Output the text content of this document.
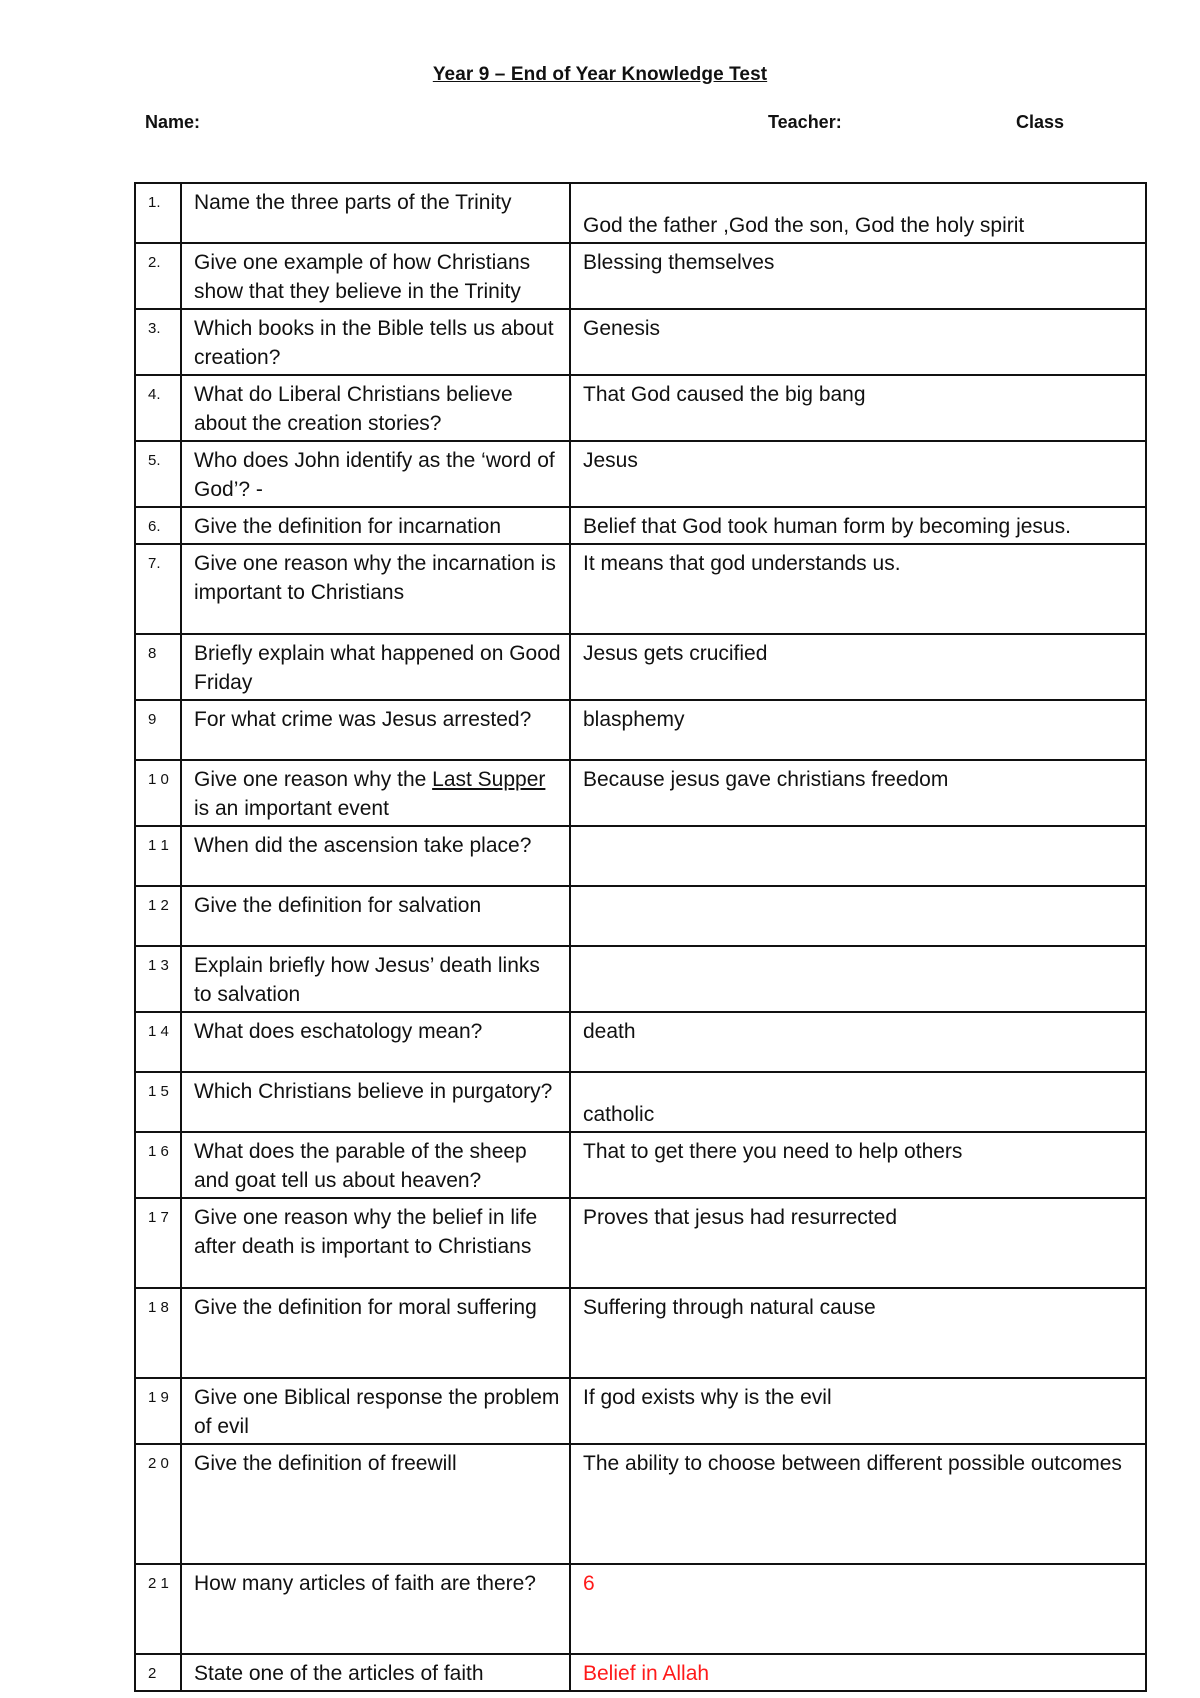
Year 9 – End of Year Knowledge Test
Name:	Teacher:	Class
1.	Name the three parts of the Trinity	God the father ,God the son, God the holy spirit
2.	Give one example of how Christians show that they believe in the Trinity	Blessing themselves
3.	Which books in the Bible tells us about creation?	Genesis
4.	What do Liberal Christians believe about the creation stories?	That God caused the big bang
5.	Who does John identify as the ‘word of God’? -	Jesus
6.	Give the definition for incarnation	Belief that God took human form by becoming jesus.
7.	Give one reason why the incarnation is important to Christians	It means that god understands us.
8	Briefly explain what happened on Good Friday	Jesus gets crucified
9	For what crime was Jesus arrested?	blasphemy
1 0	Give one reason why the Last Supper is an important event	Because jesus gave christians freedom
1 1	When did the ascension take place?	
1 2	Give the definition for salvation	
1 3	Explain briefly how Jesus’ death links to salvation	
1 4	What does eschatology mean?	death
1 5	Which Christians believe in purgatory?	catholic
1 6	What does the parable of the sheep and goat tell us about heaven?	That to get there you need to help others
1 7	Give one reason why the belief in life after death is important to Christians	Proves that jesus had resurrected
1 8	Give the definition for moral suffering	Suffering through natural cause
1 9	Give one Biblical response the problem of evil	If god exists why is the evil
2 0	Give the definition of freewill	The ability to choose between different possible outcomes
2 1	How many articles of faith are there?	6
2	State one of the articles of faith	Belief in Allah
